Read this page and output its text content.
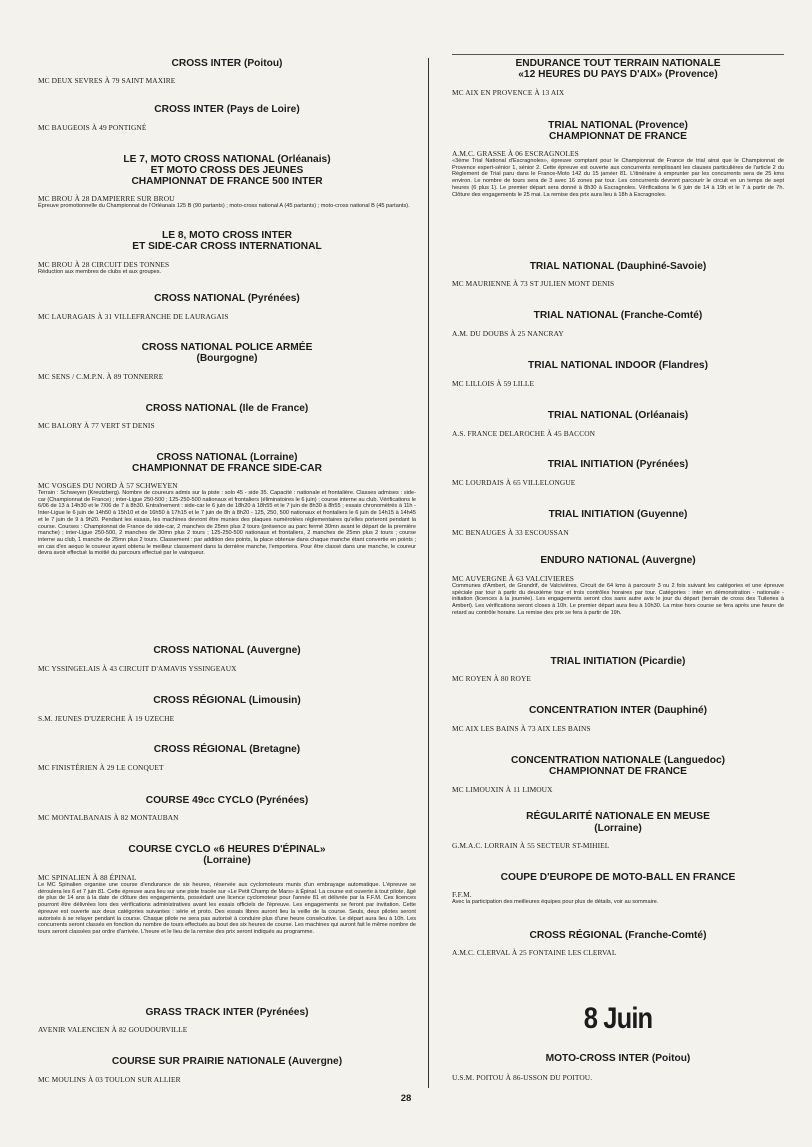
CROSS INTER (Poitou)
MC DEUX SEVRES À 79 SAINT MAXIRE
CROSS INTER (Pays de Loire)
MC BAUGEOIS À 49 PONTIGNÉ
LE 7, MOTO CROSS NATIONAL (Orléanais)
ET MOTO CROSS DES JEUNES
CHAMPIONNAT DE FRANCE 500 INTER
MC BROU À 28 DAMPIERRE SUR BROU
Épreuve promotionnelle du Championnat de l'Orléanais 125 B (90 partants) ; moto-cross national A (45 partants) ; moto-cross national B (45 partants).
LE 8, MOTO CROSS INTER
ET SIDE-CAR CROSS INTERNATIONAL
MC BROU À 28 CIRCUIT DES TONNES
Réduction aux membres de clubs et aux groupes.
CROSS NATIONAL (Pyrénées)
MC LAURAGAIS À 31 VILLEFRANCHE DE LAURAGAIS
CROSS NATIONAL POLICE ARMÉE
(Bourgogne)
MC SENS / C.M.P.N. À 89 TONNERRE
CROSS NATIONAL (Ile de France)
MC BALORY À 77 VERT ST DENIS
CROSS NATIONAL (Lorraine)
CHAMPIONNAT DE FRANCE SIDE-CAR
MC VOSGES DU NORD À 57 SCHWEYEN
Terrain : Schweyen (Kreutzberg). Nombre de coureurs admis sur la piste : solo 45 - side 35. Capacité : nationale et frontalière. Classes admises : side-car (Championnat de France) ; inter-Ligue 250-500 ; 125-250-500 nationaux et frontaliers (éliminatoires le 6 juin) ; course interne au club. Vérifications le 6/06 de 13 à 14h30 et le 7/06 de 7 à 8h30. Entraînement : side-car le 6 juin de 18h20 à 18h55 et le 7 juin de 8h30 à 8h55 ; essais chronométrés à 11h - Inter-Ligue le 6 juin de 14h50 à 15h10 et de 16h50 à 17h15 et le 7 juin de 8h à 8h20 - 125, 250, 500 nationaux et frontaliers le 6 juin de 14h15 à 14h45 et le 7 juin de 9 à 9h20. Pendant les essais, les machines devront être munies des plaques numérotées réglementaires qu'elles porteront pendant la course. Courses : Championnat de France de side-car, 2 manches de 25mn plus 2 tours (présence au parc fermé 30mn avant le départ de la première manche) ; inter-Ligue 250-500, 2 manches de 30mn plus 2 tours ; 125-250-500 nationaux et frontaliers, 2 manches de 25mn plus 2 tours ; course interne au club, 1 manche de 25mn plus 2 tours. Classement : par addition des points, la place obtenue dans chaque manche étant convertie en points ; en cas d'ex aequo le coureur ayant obtenu le meilleur classement dans la dernière manche, l'emportera. Pour être classé dans une manche, le coureur devra avoir effectué la moitié du parcours effectué par le vainqueur.
CROSS NATIONAL (Auvergne)
MC YSSINGELAIS À 43 CIRCUIT D'AMAVIS YSSINGEAUX
CROSS RÉGIONAL (Limousin)
S.M. JEUNES D'UZERCHE À 19 UZECHE
CROSS RÉGIONAL (Bretagne)
MC FINISTÉRIEN À 29 LE CONQUET
COURSE 49cc CYCLO (Pyrénées)
MC MONTALBANAIS À 82 MONTAUBAN
COURSE CYCLO «6 HEURES D'ÉPINAL»
(Lorraine)
MC SPINALIEN À 88 ÉPINAL
Le MC Spinalien organise une course d'endurance de six heures, réservée aux cyclomoteurs munis d'un embrayage automatique. L'épreuve se déroulera les 6 et 7 juin 81. Cette épreuve aura lieu sur une piste tracée sur «Le Petit Champ de Mars» à Épinal. La course est ouverte à tout pilote, âgé de plus de 14 ans à la date de clôture des engagements, possédant une licence cyclomoteur pour l'année 81 et délivrée par la F.F.M. Ces licences pourront être délivrées lors des vérifications administratives avant les essais officiels de l'épreuve. Les engagements se feront par invitation. Cette épreuve est ouverte aux deux catégories suivantes : série et proto. Des essais libres auront lieu la veille de la course. Seuls, deux pilotes seront autorisés à se relayer pendant la course. Chaque pilote ne sera pas autorisé à conduire plus d'une heure consécutive. Le départ aura lieu à 10h. Les concurrents seront classés en fonction du nombre de tours effectués au bout des six heures de course. Les machines qui auront fait le même nombre de tours seront classées par ordre d'arrivée. L'heure et le lieu de la remise des prix seront indiqués au programme.
GRASS TRACK INTER (Pyrénées)
AVENIR VALENCIEN À 82 GOUDOURVILLE
COURSE SUR PRAIRIE NATIONALE (Auvergne)
MC MOULINS À 03 TOULON SUR ALLIER
ENDURANCE TOUT TERRAIN NATIONALE
«12 HEURES DU PAYS D'AIX» (Provence)
MC AIX EN PROVENCE À 13 AIX
TRIAL NATIONAL (Provence)
CHAMPIONNAT DE FRANCE
A.M.C. GRASSE À 06 ESCRAGNOLES
«3ème Trial National d'Escragnoles», épreuve comptant pour le Championnat de France de trial ainsi que le Championnat de Provence expert-sénior 1, sénior 2. Cette épreuve est ouverte aux concurrents remplissant les clauses particulières de l'article 2 du Règlement de Trial paru dans le France-Moto 142 du 15 janvier 81. L'itinéraire à emprunter par les concurrents sera de 25 kms environ. Le nombre de tours sera de 3 avec 16 zones par tour. Les concurrents devront parcourir le circuit en un temps de sept heures (6 plus 1). Le premier départ sera donné à 8h30 à Escragnoles. Vérifications le 6 juin de 14 à 19h et le 7 à partir de 7h. Clôture des engagements le 25 mai. La remise des prix aura lieu à 18h à Escragnoles.
TRIAL NATIONAL (Dauphiné-Savoie)
MC MAURIENNE À 73 ST JULIEN MONT DENIS
TRIAL NATIONAL (Franche-Comté)
A.M. DU DOUBS À 25 NANCRAY
TRIAL NATIONAL INDOOR (Flandres)
MC LILLOIS À 59 LILLE
TRIAL NATIONAL (Orléanais)
A.S. FRANCE DELAROCHE À 45 BACCON
TRIAL INITIATION (Pyrénées)
MC LOURDAIS À 65 VILLELONGUE
TRIAL INITIATION (Guyenne)
MC BENAUGES À 33 ESCOUSSAN
ENDURO NATIONAL (Auvergne)
MC AUVERGNE À 63 VALCIVIERES
Communes d'Ambert, de Grandrif, de Valcivières. Circuit de 64 kms à parcourir 3 ou 2 fois suivant les catégories et une épreuve spéciale par tour à partir du deuxième tour et trois contrôles horaires par tour. Catégories : inter en démonstration - nationale - initiation (licences à la journée). Les engagements seront clos sans autre avis le jour du départ (terrain de cross des Tuileries à Ambert). Les vérifications seront closes à 10h. Le premier départ aura lieu à 10h30. La mise hors course se fera après une heure de retard au contrôle horaire. La remise des prix se fera à partir de 19h.
TRIAL INITIATION (Picardie)
MC ROYEN À 80 ROYE
CONCENTRATION INTER (Dauphiné)
MC AIX LES BAINS À 73 AIX LES BAINS
CONCENTRATION NATIONALE (Languedoc)
CHAMPIONNAT DE FRANCE
MC LIMOUXIN À 11 LIMOUX
RÉGULARITÉ NATIONALE EN MEUSE
(Lorraine)
G.M.A.C. LORRAIN À 55 SECTEUR ST-MIHIEL
COUPE D'EUROPE DE MOTO-BALL EN FRANCE
F.F.M.
Avec la participation des meilleures équipes pour plus de détails, voir au sommaire.
CROSS RÉGIONAL (Franche-Comté)
A.M.C. CLERVAL À 25 FONTAINE LES CLERVAL
8 Juin
MOTO-CROSS INTER (Poitou)
U.S.M. POITOU À 86-USSON DU POITOU.
28
